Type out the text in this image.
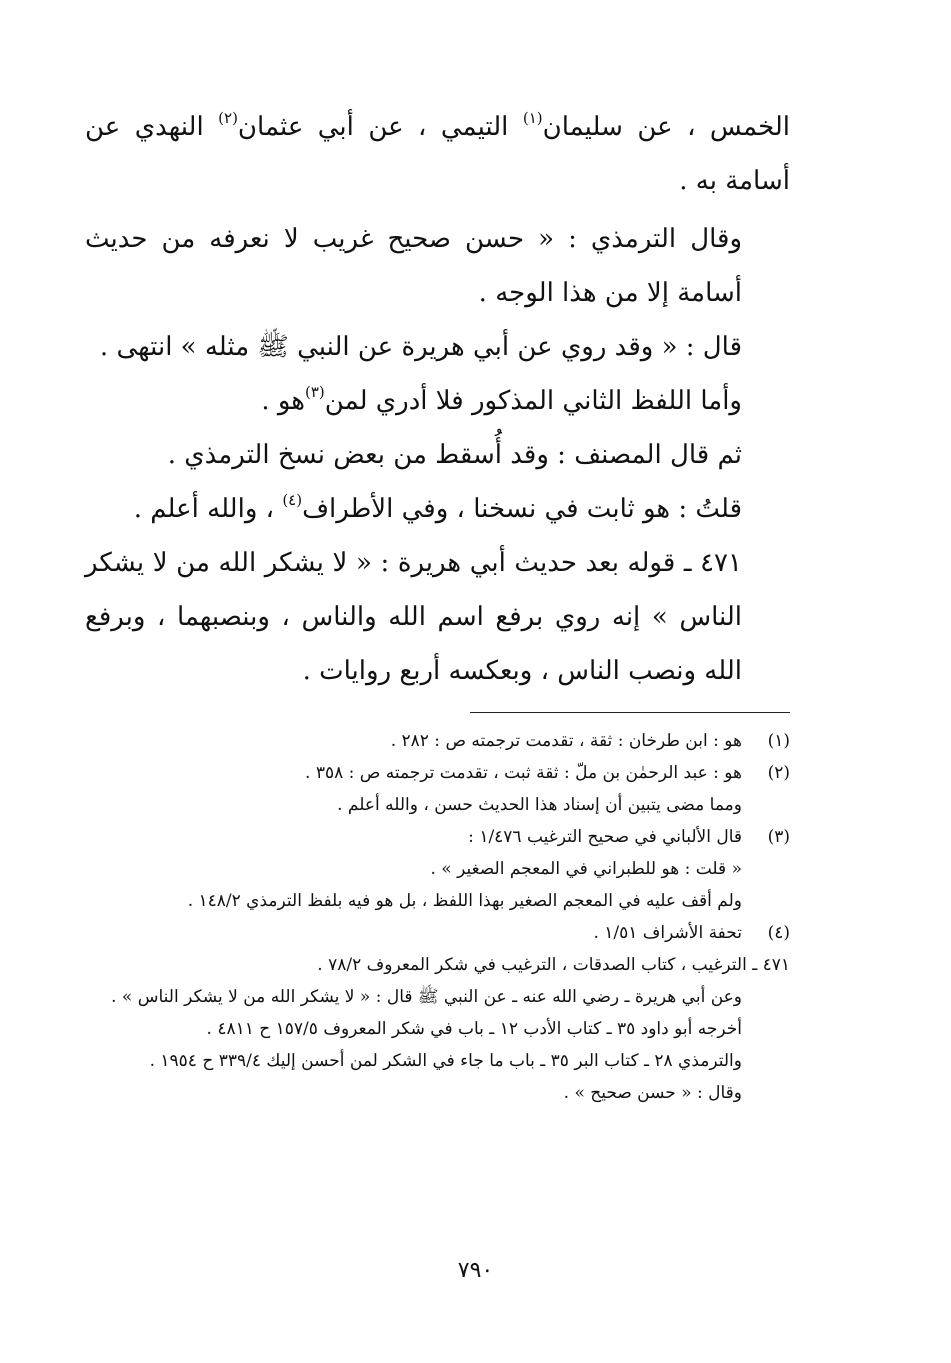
الخمس ، عن سليمان$^{(١)}$ التيمي ، عن أبي عثمان$^{(٢)}$ النهدي عن أسامة به .

وقال الترمذي : « حسن صحيح غريب لا نعرفه من حديث أسامة إلا من هذا الوجه .

قال : « وقد روي عن أبي هريرة عن النبي ﷺ مثله » انتهى .

وأما اللفظ الثاني المذكور فلا أدري لمن$^{(٣)}$هو .

ثم قال المصنف : وقد أُسقط من بعض نسخ الترمذي .

قلتُ : هو ثابت في نسخنا ، وفي الأطراف$^{(٤)}$ ، والله أعلم .

٤٧١ ـ قوله بعد حديث أبي هريرة : « لا يشكر الله من لا يشكر الناس » إنه روي برفع اسم الله والناس ، وبنصبهما ، وبرفع الله ونصب الناس ، وبعكسه أربع روايات .

(١)
هو : ابن طرخان : ثقة ، تقدمت ترجمته ص : ٢٨٢ .
(٢)
هو : عبد الرحمٰن بن ملّ : ثقة ثبت ، تقدمت ترجمته ص : ٣٥٨ .

ومما مضى يتبين أن إسناد هذا الحديث حسن ، والله أعلم .

(٣)
قال الألباني في صحيح الترغيب ١/٤٧٦ :

« قلت : هو للطبراني في المعجم الصغير » .

ولم أقف عليه في المعجم الصغير بهذا اللفظ ، بل هو فيه بلفظ الترمذي ١٤٨/٢ .

(٤)
تحفة الأشراف ١/٥١ .

٤٧١ ـ الترغيب ، كتاب الصدقات ، الترغيب في شكر المعروف ٧٨/٢ .

وعن أبي هريرة ـ رضي الله عنه ـ عن النبي ﷺ قال : « لا يشكر الله من لا يشكر الناس » .

أخرجه أبو داود ٣٥ ـ كتاب الأدب ١٢ ـ باب في شكر المعروف ١٥٧/٥ ح ٤٨١١ .

والترمذي ٢٨ ـ كتاب البر ٣٥ ـ باب ما جاء في الشكر لمن أحسن إليك ٣٣٩/٤ ح ١٩٥٤ .

وقال : « حسن صحيح » .

٧٩٠
